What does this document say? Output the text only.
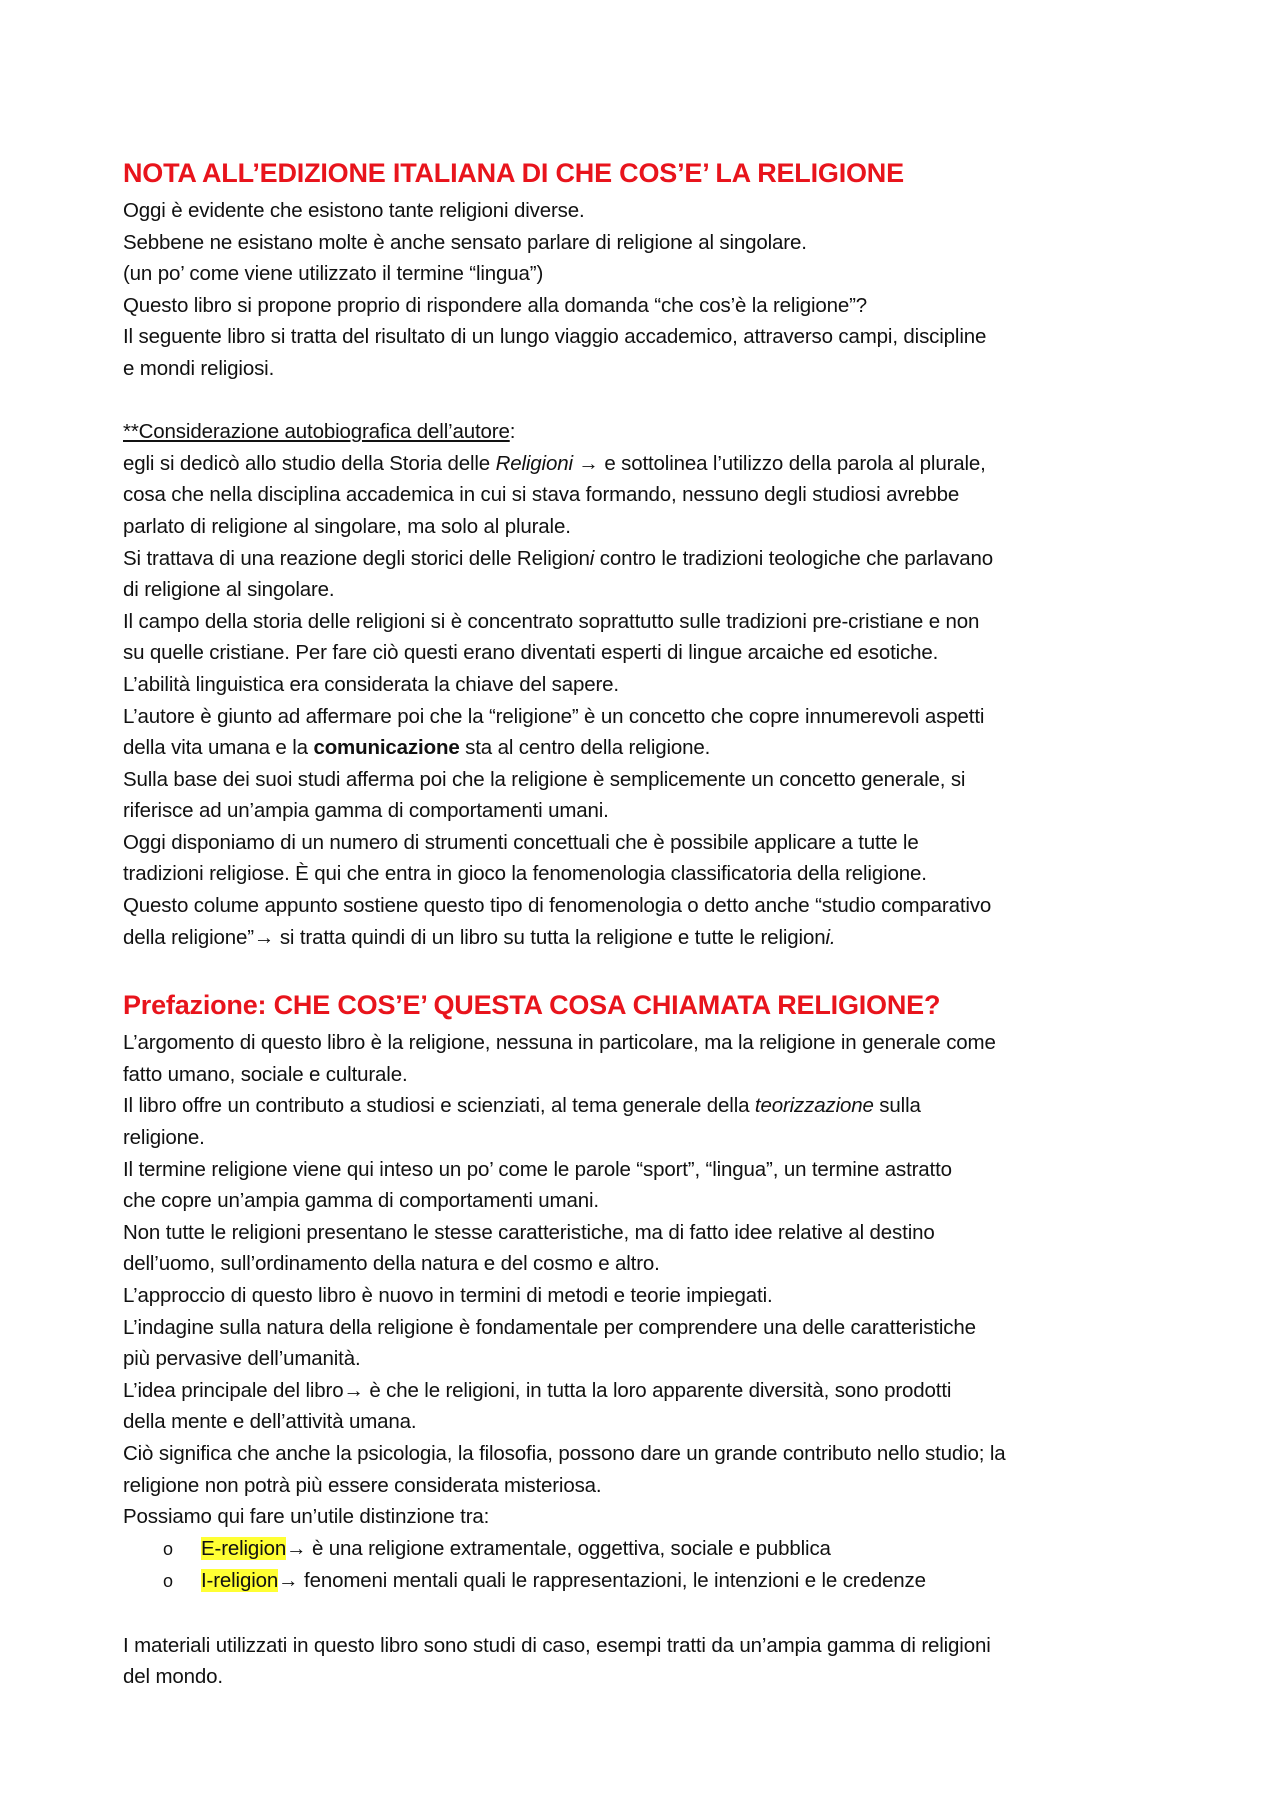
NOTA ALL’EDIZIONE ITALIANA DI CHE COS’E’ LA RELIGIONE

Oggi è evidente che esistono tante religioni diverse.

Sebbene ne esistano molte è anche sensato parlare di religione al singolare.

(un po’ come viene utilizzato il termine “lingua”)

Questo libro si propone proprio di rispondere alla domanda “che cos’è la religione”?

Il seguente libro si tratta del risultato di un lungo viaggio accademico, attraverso campi, discipline

e mondi religiosi.

**Considerazione autobiografica dell’autore:

egli si dedicò allo studio della Storia delle Religioni → e sottolinea l’utilizzo della parola al plurale,

cosa che nella disciplina accademica in cui si stava formando, nessuno degli studiosi avrebbe

parlato di religione al singolare, ma solo al plurale.

Si trattava di una reazione degli storici delle Religioni contro le tradizioni teologiche che parlavano

di religione al singolare.

Il campo della storia delle religioni si è concentrato soprattutto sulle tradizioni pre-cristiane e non

su quelle cristiane. Per fare ciò questi erano diventati esperti di lingue arcaiche ed esotiche.

L’abilità linguistica era considerata la chiave del sapere.

L’autore è giunto ad affermare poi che la “religione” è un concetto che copre innumerevoli aspetti

della vita umana e la comunicazione sta al centro della religione.

Sulla base dei suoi studi afferma poi che la religione è semplicemente un concetto generale, si

riferisce ad un’ampia gamma di comportamenti umani.

Oggi disponiamo di un numero di strumenti concettuali che è possibile applicare a tutte le

tradizioni religiose. È qui che entra in gioco la fenomenologia classificatoria della religione.

Questo colume appunto sostiene questo tipo di fenomenologia o detto anche “studio comparativo

della religione”→ si tratta quindi di un libro su tutta la religione e tutte le religioni.

Prefazione: CHE COS’E’ QUESTA COSA CHIAMATA RELIGIONE?

L’argomento di questo libro è la religione, nessuna in particolare, ma la religione in generale come

fatto umano, sociale e culturale.

Il libro offre un contributo a studiosi e scienziati, al tema generale della teorizzazione sulla

religione.

Il termine religione viene qui inteso un po’ come le parole “sport”, “lingua”, un termine astratto

che copre un’ampia gamma di comportamenti umani.

Non tutte le religioni presentano le stesse caratteristiche, ma di fatto idee relative al destino

dell’uomo, sull’ordinamento della natura e del cosmo e altro.

L’approccio di questo libro è nuovo in termini di metodi e teorie impiegati.

L’indagine sulla natura della religione è fondamentale per comprendere una delle caratteristiche

più pervasive dell’umanità.

L’idea principale del libro→ è che le religioni, in tutta la loro apparente diversità, sono prodotti

della mente e dell’attività umana.

Ciò significa che anche la psicologia, la filosofia, possono dare un grande contributo nello studio; la

religione non potrà più essere considerata misteriosa.

Possiamo qui fare un’utile distinzione tra:

o E-religion→ è una religione extramentale, oggettiva, sociale e pubblica
o I-religion→ fenomeni mentali quali le rappresentazioni, le intenzioni e le credenze

I materiali utilizzati in questo libro sono studi di caso, esempi tratti da un’ampia gamma di religioni

del mondo.
